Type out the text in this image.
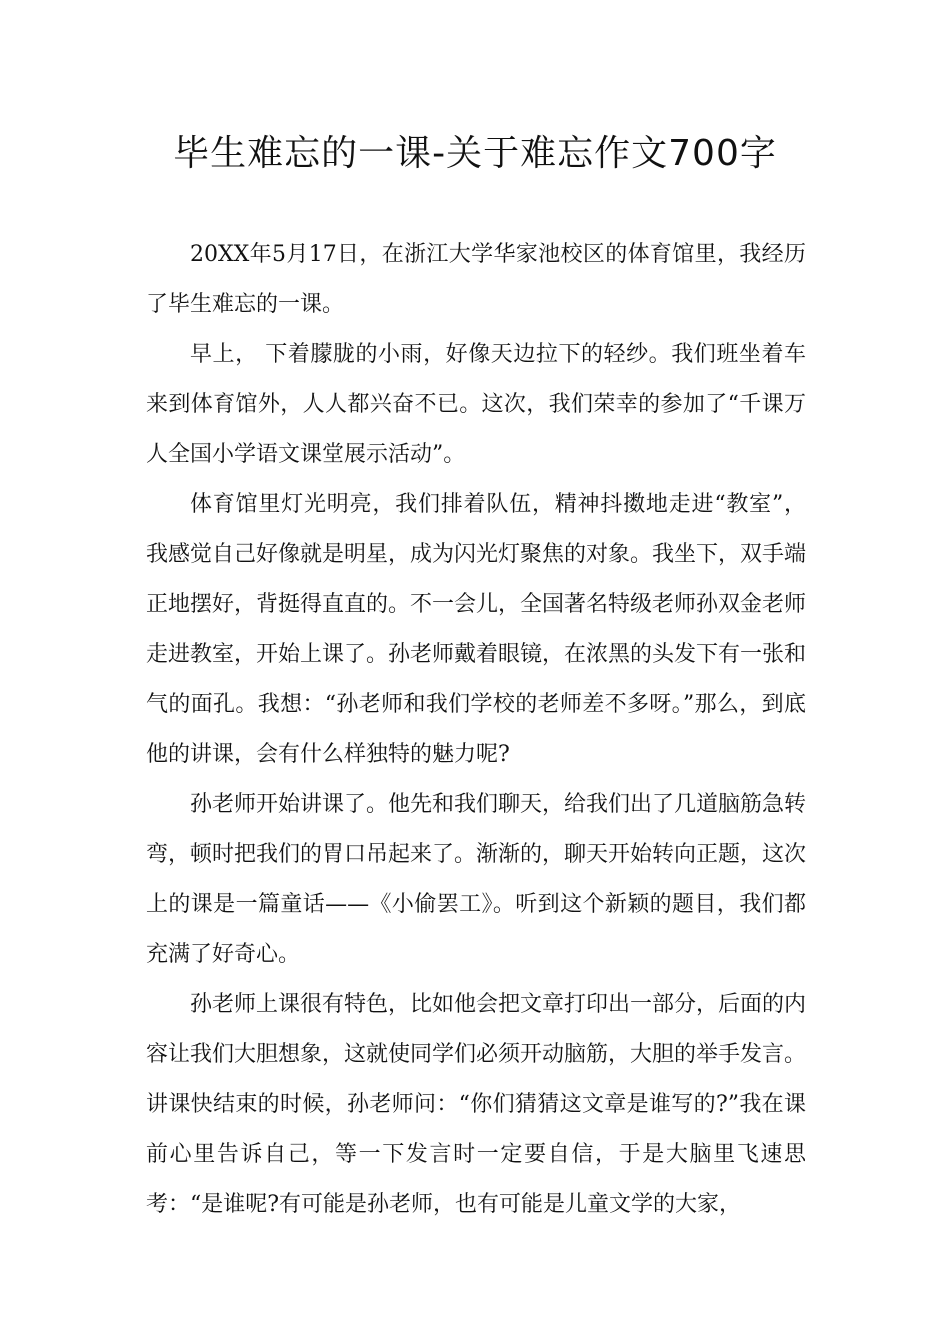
毕生难忘的一课-关于难忘作文700字

20XX年5月17日，在浙江大学华家池校区的体育馆里，我经历了毕生难忘的一课。

早上， 下着朦胧的小雨，好像天边拉下的轻纱。我们班坐着车来到体育馆外，人人都兴奋不已。这次，我们荣幸的参加了“千课万人全国小学语文课堂展示活动”。

体育馆里灯光明亮，我们排着队伍，精神抖擞地走进“教室”，我感觉自己好像就是明星，成为闪光灯聚焦的对象。我坐下，双手端正地摆好，背挺得直直的。不一会儿，全国著名特级老师孙双金老师走进教室，开始上课了。孙老师戴着眼镜，在浓黑的头发下有一张和气的面孔。我想：“孙老师和我们学校的老师差不多呀。”那么，到底他的讲课，会有什么样独特的魅力呢?

孙老师开始讲课了。他先和我们聊天，给我们出了几道脑筋急转弯，顿时把我们的胃口吊起来了。渐渐的，聊天开始转向正题，这次上的课是一篇童话——《小偷罢工》。听到这个新颖的题目，我们都充满了好奇心。

孙老师上课很有特色，比如他会把文章打印出一部分，后面的内容让我们大胆想象，这就使同学们必须开动脑筋，大胆的举手发言。讲课快结束的时候，孙老师问：“你们猜猜这文章是谁写的?”我在课前心里告诉自己，等一下发言时一定要自信，于是大脑里飞速思考：“是谁呢?有可能是孙老师，也有可能是儿童文学的大家，
